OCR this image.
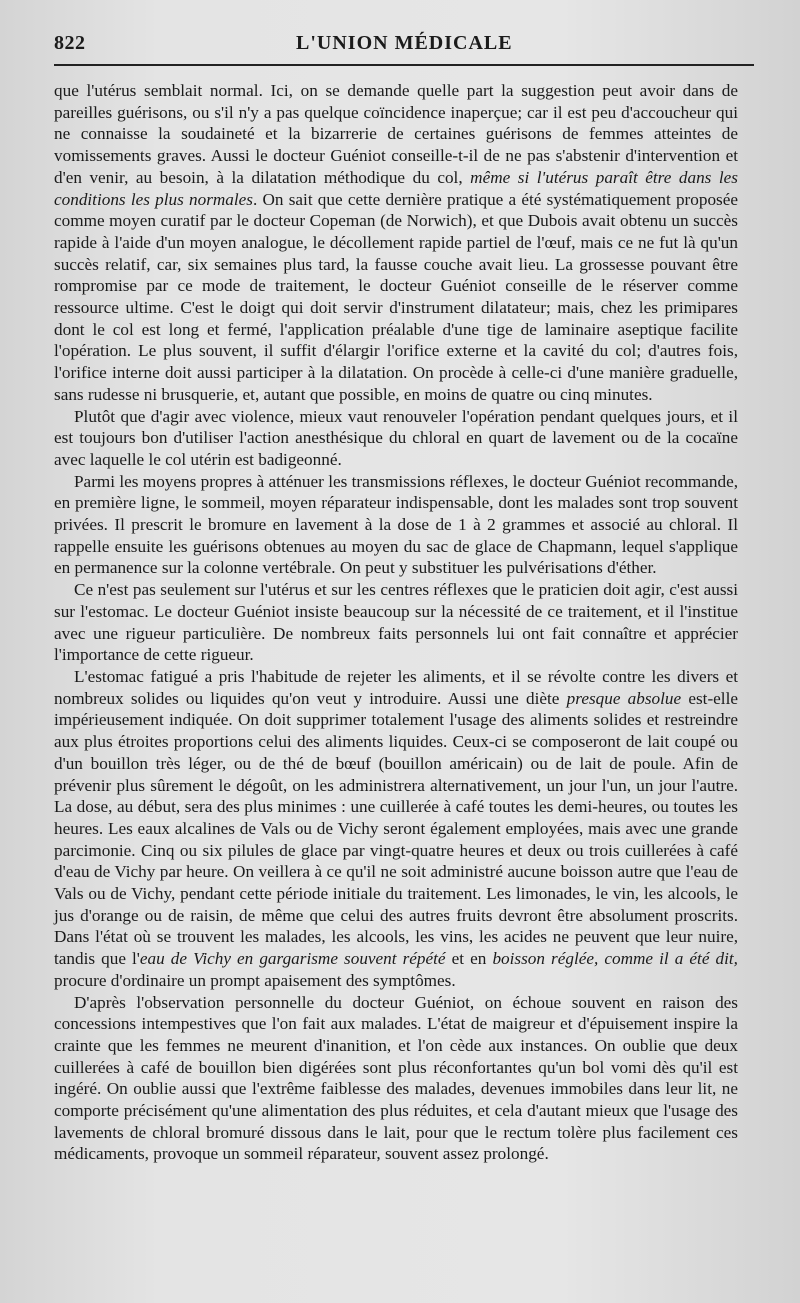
822	L'UNION MÉDICALE

que l'utérus semblait normal. Ici, on se demande quelle part la suggestion peut avoir dans de pareilles guérisons, ou s'il n'y a pas quelque coïncidence inaperçue; car il est peu d'accoucheur qui ne connaisse la soudaineté et la bizarrerie de certaines guérisons de femmes atteintes de vomissements graves. Aussi le docteur Guéniot conseille-t-il de ne pas s'abstenir d'intervention et d'en venir, au besoin, à la dilatation méthodique du col, même si l'utérus paraît être dans les conditions les plus normales. On sait que cette dernière pratique a été systématiquement proposée comme moyen curatif par le docteur Copeman (de Norwich), et que Dubois avait obtenu un succès rapide à l'aide d'un moyen analogue, le décollement rapide partiel de l'œuf, mais ce ne fut là qu'un succès relatif, car, six semaines plus tard, la fausse couche avait lieu. La grossesse pouvant être rompromise par ce mode de traitement, le docteur Guéniot conseille de le réserver comme ressource ultime. C'est le doigt qui doit servir d'instrument dilatateur; mais, chez les primipares dont le col est long et fermé, l'application préalable d'une tige de laminaire aseptique facilite l'opération. Le plus souvent, il suffit d'élargir l'orifice externe et la cavité du col; d'autres fois, l'orifice interne doit aussi participer à la dilatation. On procède à celle-ci d'une manière graduelle, sans rudesse ni brusquerie, et, autant que possible, en moins de quatre ou cinq minutes.

Plutôt que d'agir avec violence, mieux vaut renouveler l'opération pendant quelques jours, et il est toujours bon d'utiliser l'action anesthésique du chloral en quart de lavement ou de la cocaïne avec laquelle le col utérin est badigeonné.

Parmi les moyens propres à atténuer les transmissions réflexes, le docteur Guéniot recommande, en première ligne, le sommeil, moyen réparateur indispensable, dont les malades sont trop souvent privées. Il prescrit le bromure en lavement à la dose de 1 à 2 grammes et associé au chloral. Il rappelle ensuite les guérisons obtenues au moyen du sac de glace de Chapmann, lequel s'applique en permanence sur la colonne vertébrale. On peut y substituer les pulvérisations d'éther.

Ce n'est pas seulement sur l'utérus et sur les centres réflexes que le praticien doit agir, c'est aussi sur l'estomac. Le docteur Guéniot insiste beaucoup sur la nécessité de ce traitement, et il l'institue avec une rigueur particulière. De nombreux faits personnels lui ont fait connaître et apprécier l'importance de cette rigueur.

L'estomac fatigué a pris l'habitude de rejeter les aliments, et il se révolte contre les divers et nombreux solides ou liquides qu'on veut y introduire. Aussi une diète presque absolue est-elle impérieusement indiquée. On doit supprimer totalement l'usage des aliments solides et restreindre aux plus étroites proportions celui des aliments liquides. Ceux-ci se composeront de lait coupé ou d'un bouillon très léger, ou de thé de bœuf (bouillon américain) ou de lait de poule. Afin de prévenir plus sûrement le dégoût, on les administrera alternativement, un jour l'un, un jour l'autre. La dose, au début, sera des plus minimes : une cuillerée à café toutes les demi-heures, ou toutes les heures. Les eaux alcalines de Vals ou de Vichy seront également employées, mais avec une grande parcimonie. Cinq ou six pilules de glace par vingt-quatre heures et deux ou trois cuillerées à café d'eau de Vichy par heure. On veillera à ce qu'il ne soit administré aucune boisson autre que l'eau de Vals ou de Vichy, pendant cette période initiale du traitement. Les limonades, le vin, les alcools, le jus d'orange ou de raisin, de même que celui des autres fruits devront être absolument proscrits. Dans l'état où se trouvent les malades, les alcools, les vins, les acides ne peuvent que leur nuire, tandis que l'eau de Vichy en gargarisme souvent répété et en boisson réglée, comme il a été dit, procure d'ordinaire un prompt apaisement des symptômes.

D'après l'observation personnelle du docteur Guéniot, on échoue souvent en raison des concessions intempestives que l'on fait aux malades. L'état de maigreur et d'épuisement inspire la crainte que les femmes ne meurent d'inanition, et l'on cède aux instances. On oublie que deux cuillerées à café de bouillon bien digérées sont plus réconfortantes qu'un bol vomi dès qu'il est ingéré. On oublie aussi que l'extrême faiblesse des malades, devenues immobiles dans leur lit, ne comporte précisément qu'une alimentation des plus réduites, et cela d'autant mieux que l'usage des lavements de chloral bromuré dissous dans le lait, pour que le rectum tolère plus facilement ces médicaments, provoque un sommeil réparateur, souvent assez prolongé.
